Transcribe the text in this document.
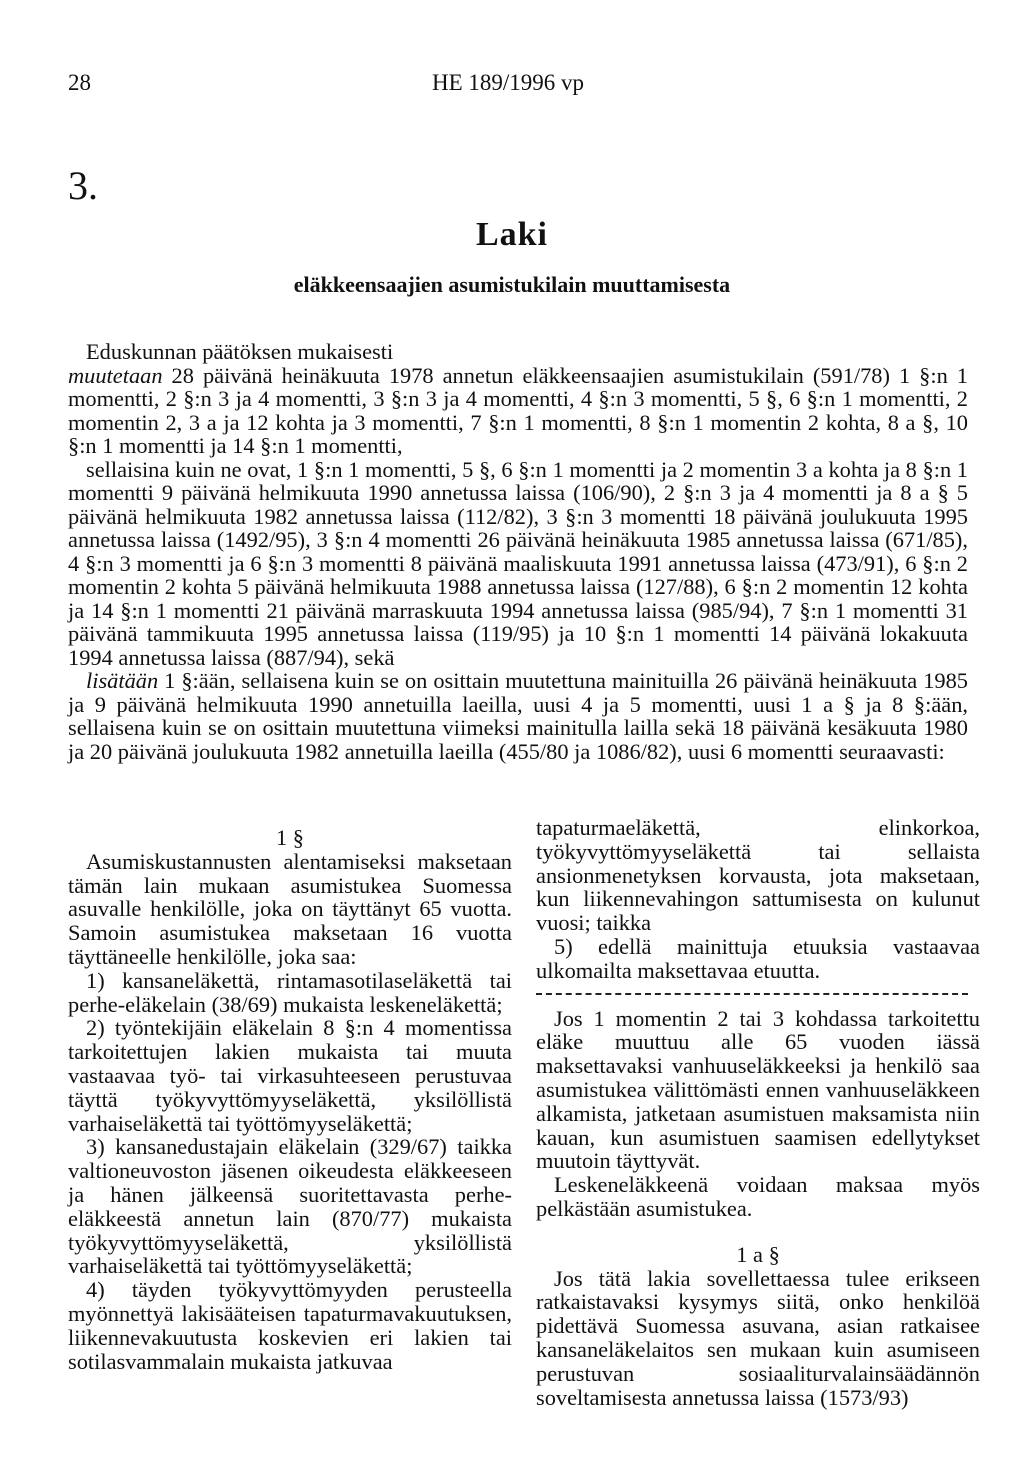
28	HE 189/1996 vp
3.
Laki
eläkkeensaajien asumistukilain muuttamisesta

Eduskunnan päätöksen mukaisesti

muutetaan 28 päivänä heinäkuuta 1978 annetun eläkkeensaajien asumistukilain (591/78) 1 §:n 1 momentti, 2 §:n 3 ja 4 momentti, 3 §:n 3 ja 4 momentti, 4 §:n 3 momentti, 5 §, 6 §:n 1 momentti, 2 momentin 2, 3 a ja 12 kohta ja 3 momentti, 7 §:n 1 momentti, 8 §:n 1 momentin 2 kohta, 8 a §, 10 §:n 1 momentti ja 14 §:n 1 momentti,

sellaisina kuin ne ovat, 1 §:n 1 momentti, 5 §, 6 §:n 1 momentti ja 2 momentin 3 a kohta ja 8 §:n 1 momentti 9 päivänä helmikuuta 1990 annetussa laissa (106/90), 2 §:n 3 ja 4 momentti ja 8 a § 5 päivänä helmikuuta 1982 annetussa laissa (112/82), 3 §:n 3 momentti 18 päivänä joulukuuta 1995 annetussa laissa (1492/95), 3 §:n 4 momentti 26 päivänä heinäkuuta 1985 annetussa laissa (671/85), 4 §:n 3 momentti ja 6 §:n 3 momentti 8 päivänä maaliskuuta 1991 annetussa laissa (473/91), 6 §:n 2 momentin 2 kohta 5 päivänä helmikuuta 1988 annetussa laissa (127/88), 6 §:n 2 momentin 12 kohta ja 14 §:n 1 momentti 21 päivänä marraskuuta 1994 annetussa laissa (985/94), 7 §:n 1 momentti 31 päivänä tammikuuta 1995 annetussa laissa (119/95) ja 10 §:n 1 momentti 14 päivänä lokakuuta 1994 annetussa laissa (887/94), sekä

lisätään 1 §:ään, sellaisena kuin se on osittain muutettuna mainituilla 26 päivänä heinäkuuta 1985 ja 9 päivänä helmikuuta 1990 annetuilla laeilla, uusi 4 ja 5 momentti, uusi 1 a § ja 8 §:ään, sellaisena kuin se on osittain muutettuna viimeksi mainitulla lailla sekä 18 päivänä kesäkuuta 1980 ja 20 päivänä joulukuuta 1982 annetuilla laeilla (455/80 ja 1086/82), uusi 6 momentti seuraavasti:

1 §

Asumiskustannusten alentamiseksi maksetaan tämän lain mukaan asumistukea Suomessa asuvalle henkilölle, joka on täyttänyt 65 vuotta. Samoin asumistukea maksetaan 16 vuotta täyttäneelle henkilölle, joka saa:

1) kansaneläkettä, rintamasotilaseläkettä tai perhe-eläkelain (38/69) mukaista leskeneläkettä;

2) työntekijäin eläkelain 8 §:n 4 momentissa tarkoitettujen lakien mukaista tai muuta vastaavaa työ- tai virkasuhteeseen perustuvaa täyttä työkyvyttömyyseläkettä, yksilöllistä varhaiseläkettä tai työttömyyseläkettä;

3) kansanedustajain eläkelain (329/67) taikka valtioneuvoston jäsenen oikeudesta eläkkeeseen ja hänen jälkeensä suoritettavasta perhe-eläkkeestä annetun lain (870/77) mukaista työkyvyttömyyseläkettä, yksilöllistä varhaiseläkettä tai työttömyyseläkettä;

4) täyden työkyvyttömyyden perusteella myönnettyä lakisääteisen tapaturmavakuutuksen, liikennevakuutusta koskevien eri lakien tai sotilasvammalain mukaista jatkuvaa

tapaturmaeläkettä, elinkorkoa, työkyvyttömyyseläkettä tai sellaista ansionmenetyksen korvausta, jota maksetaan, kun liikennevahingon sattumisesta on kulunut vuosi; taikka

5) edellä mainittuja etuuksia vastaavaa ulkomailta maksettavaa etuutta.

Jos 1 momentin 2 tai 3 kohdassa tarkoitettu eläke muuttuu alle 65 vuoden iässä maksettavaksi vanhuuseläkkeeksi ja henkilö saa asumistukea välittömästi ennen vanhuuseläkkeen alkamista, jatketaan asumistuen maksamista niin kauan, kun asumistuen saamisen edellytykset muutoin täyttyvät.

Leskeneläkkeenä voidaan maksaa myös pelkästään asumistukea.

1 a §

Jos tätä lakia sovellettaessa tulee erikseen ratkaistavaksi kysymys siitä, onko henkilöä pidettävä Suomessa asuvana, asian ratkaisee kansaneläkelaitos sen mukaan kuin asumiseen perustuvan sosiaaliturvalainsäädännön soveltamisesta annetussa laissa (1573/93)
